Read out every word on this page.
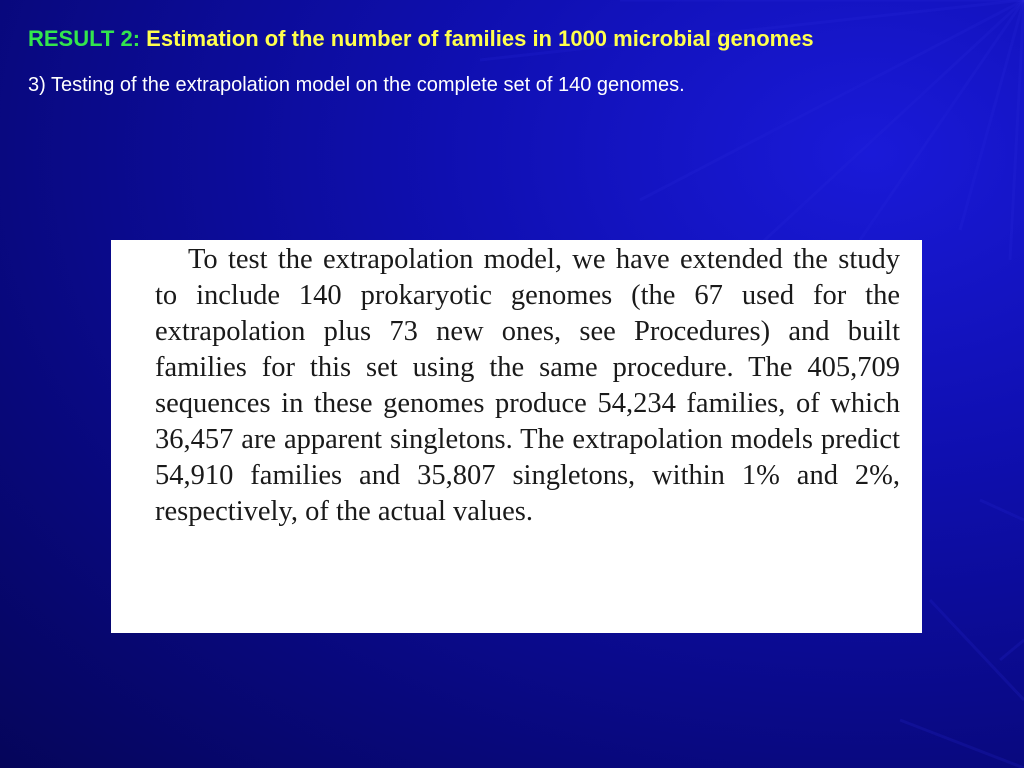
RESULT 2: Estimation of the number of families in 1000 microbial genomes
3) Testing of the extrapolation model on the complete set of 140 genomes.

To test the extrapolation model, we have extended the study to include 140 prokaryotic genomes (the 67 used for the extrapolation plus 73 new ones, see Procedures) and built families for this set using the same procedure. The 405,709 sequences in these genomes produce 54,234 families, of which 36,457 are apparent singletons. The extrapolation models predict 54,910 families and 35,807 singletons, within 1% and 2%, respectively, of the actual values.
